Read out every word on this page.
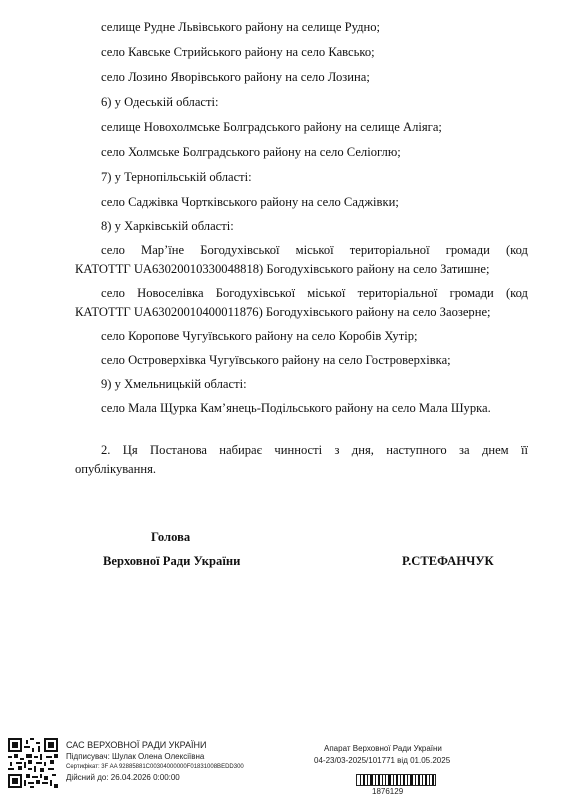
селище Рудне Львівського району на селище Рудно;
село Кавське Стрийського району на село Кавсько;
село Лозино Яворівського району на село Лозина;
6) у Одеській області:
селище Новохолмське Болградського району на селище Аліяга;
село Холмське Болградського району на село Селіоглю;
7) у Тернопільській області:
село Саджівка Чортківського району на село Саджівки;
8) у Харківській області:
село Мар’їне Богодухівської міської територіальної громади (код
КАТОТТГ UA63020010330048818) Богодухівського району на село Затишне;
село Новоселівка Богодухівської міської територіальної громади (код
КАТОТТГ UA63020010400011876) Богодухівського району на село Заозерне;
село Коропове Чугуївського району на село Коробів Хутір;
село Островерхівка Чугуївського району на село Гостроверхівка;
9) у Хмельницькій області:
село Мала Щурка Кам’янець-Подільського району на село Мала Шурка.
2. Ця Постанова набирає чинності з дня, наступного за днем її
опублікування.
Голова
Верховної Ради України	Р.СТЕФАНЧУК
САС ВЕРХОВНОЇ РАДИ УКРАЇНИ
Підписувач: Шулак Олена Олексіївна
Сертифікат: 3F AA 92885881C00304000000F01831008BEDD300
Дійсний до: 26.04.2026 0:00:00
Апарат Верховної Ради України
04-23/03-2025/101771 від 01.05.2025
1876129
